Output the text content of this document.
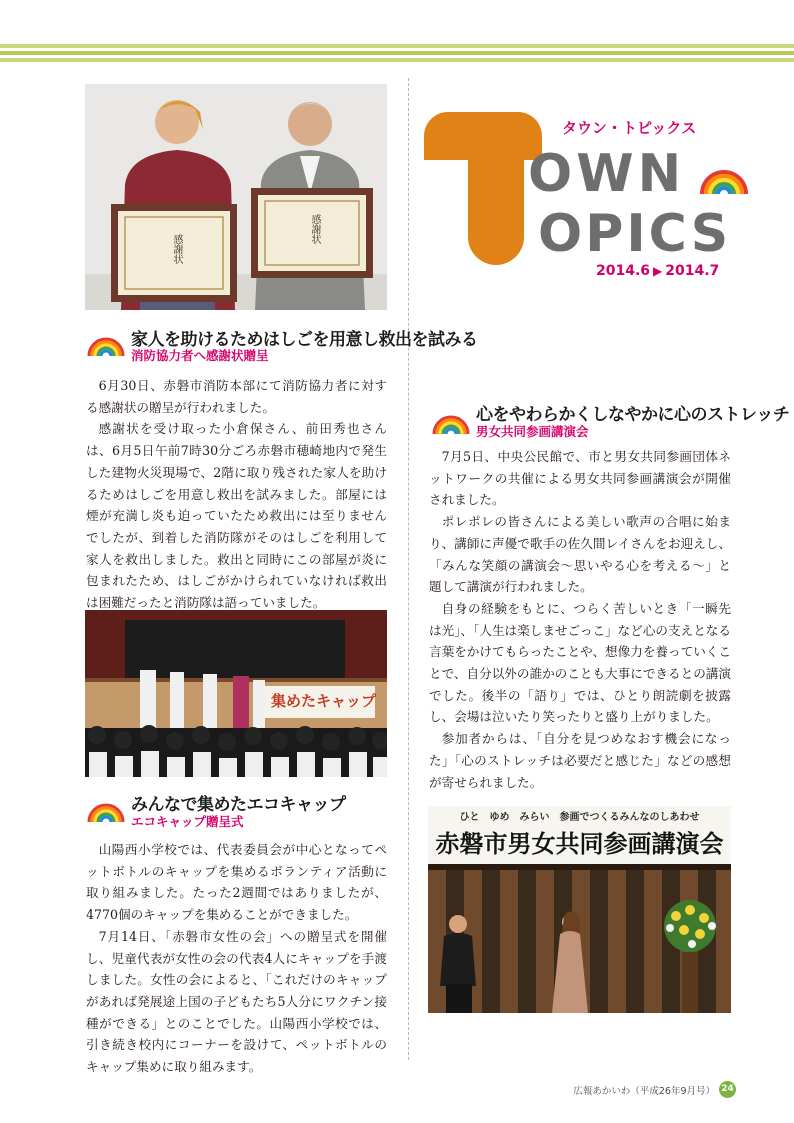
感謝状
感謝状
家人を助けるためはしごを用意し救出を試みる
消防協力者へ感謝状贈呈

6月30日、赤磐市消防本部にて消防協力者に対する感謝状の贈呈が行われました。

感謝状を受け取った小倉保さん、前田秀也さんは、6月5日午前7時30分ごろ赤磐市穂崎地内で発生した建物火災現場で、2階に取り残された家人を助けるためはしごを用意し救出を試みました。部屋には煙が充満し炎も迫っていたため救出には至りませんでしたが、到着した消防隊がそのはしごを利用して家人を救出しました。救出と同時にこの部屋が炎に包まれたため、はしごがかけられていなければ救出は困難だったと消防隊は語っていました。

集めたキャップ
みんなで集めたエコキャップ
エコキャップ贈呈式

山陽西小学校では、代表委員会が中心となってペットボトルのキャップを集めるボランティア活動に取り組みました。たった2週間ではありましたが、4770個のキャップを集めることができました。

7月14日、「赤磐市女性の会」への贈呈式を開催し、児童代表が女性の会の代表4人にキャップを手渡しました。女性の会によると、「これだけのキャップがあれば発展途上国の子どもたち5人分にワクチン接種ができる」とのことでした。山陽西小学校では、引き続き校内にコーナーを設けて、ペットボトルのキャップ集めに取り組みます。

タウン・トピックス
OWN
OPICS
2014.6 ▶ 2014.7
心をやわらかくしなやかに心のストレッチ
男女共同参画講演会

7月5日、中央公民館で、市と男女共同参画団体ネットワークの共催による男女共同参画講演会が開催されました。

ポレポレの皆さんによる美しい歌声の合唱に始まり、講師に声優で歌手の佐久間レイさんをお迎えし、「みんな笑顔の講演会〜思いやる心を考える〜」と題して講演が行われました。

自身の経験をもとに、つらく苦しいとき「一瞬先は光」、「人生は楽しませごっこ」など心の支えとなる言葉をかけてもらったことや、想像力を養っていくことで、自分以外の誰かのことも大事にできるとの講演でした。後半の「語り」では、ひとり朗読劇を披露し、会場は泣いたり笑ったりと盛り上がりました。

参加者からは、「自分を見つめなおす機会になった」「心のストレッチは必要だと感じた」などの感想が寄せられました。

ひと　ゆめ　みらい　参画でつくるみんなのしあわせ
赤磐市男女共同参画講演会
広報あかいわ（平成26年9月号） 24
